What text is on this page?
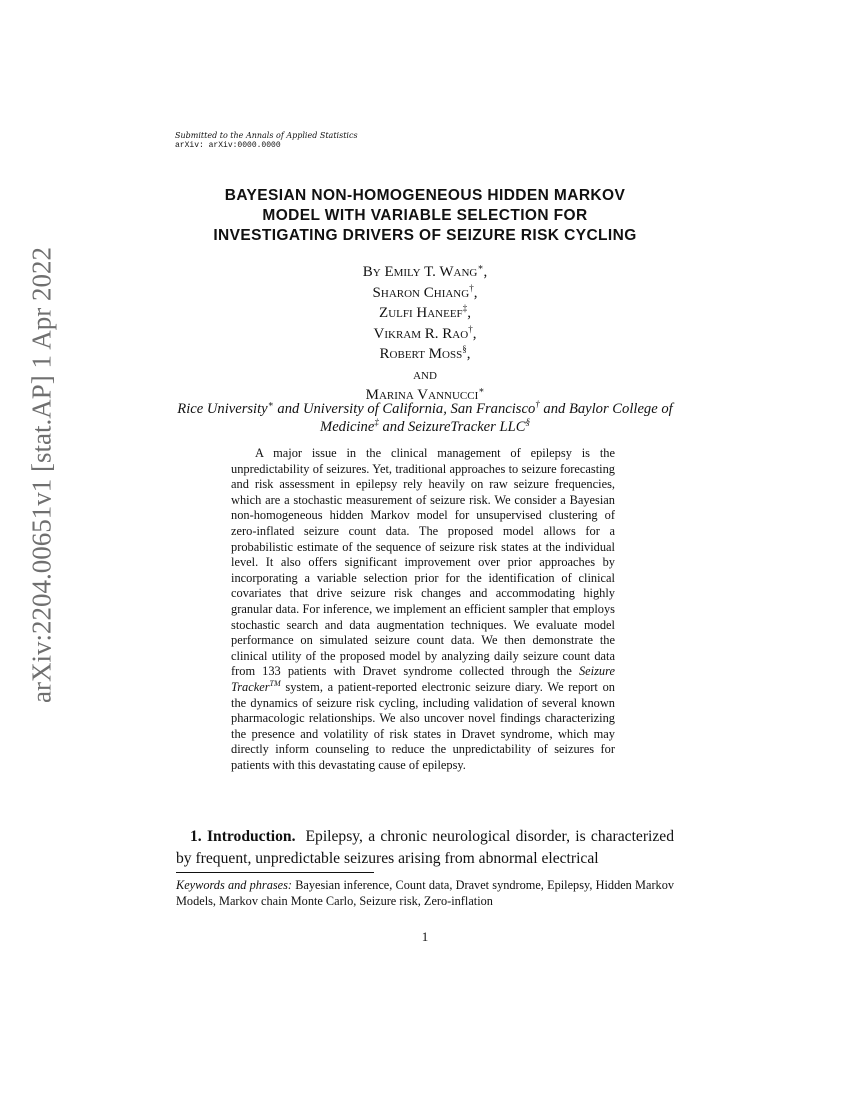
arXiv:2204.00651v1 [stat.AP] 1 Apr 2022
Submitted to the Annals of Applied Statistics
arXiv: arXiv:0000.0000
BAYESIAN NON-HOMOGENEOUS HIDDEN MARKOV
MODEL WITH VARIABLE SELECTION FOR
INVESTIGATING DRIVERS OF SEIZURE RISK CYCLING
By Emily T. Wang∗,
Sharon Chiang†,
Zulfi Haneef‡,
Vikram R. Rao†,
Robert Moss§,
and
Marina Vannucci∗
Rice University∗ and University of California, San Francisco† and Baylor College of Medicine‡ and SeizureTracker LLC§
A major issue in the clinical management of epilepsy is the unpredictability of seizures. Yet, traditional approaches to seizure forecasting and risk assessment in epilepsy rely heavily on raw seizure frequencies, which are a stochastic measurement of seizure risk. We consider a Bayesian non-homogeneous hidden Markov model for unsupervised clustering of zero-inflated seizure count data. The proposed model allows for a probabilistic estimate of the sequence of seizure risk states at the individual level. It also offers significant improvement over prior approaches by incorporating a variable selection prior for the identification of clinical covariates that drive seizure risk changes and accommodating highly granular data. For inference, we implement an efficient sampler that employs stochastic search and data augmentation techniques. We evaluate model performance on simulated seizure count data. We then demonstrate the clinical utility of the proposed model by analyzing daily seizure count data from 133 patients with Dravet syndrome collected through the Seizure Tracker™ system, a patient-reported electronic seizure diary. We report on the dynamics of seizure risk cycling, including validation of several known pharmacologic relationships. We also uncover novel findings characterizing the presence and volatility of risk states in Dravet syndrome, which may directly inform counseling to reduce the unpredictability of seizures for patients with this devastating cause of epilepsy.
1. Introduction. Epilepsy, a chronic neurological disorder, is characterized by frequent, unpredictable seizures arising from abnormal electrical
Keywords and phrases: Bayesian inference, Count data, Dravet syndrome, Epilepsy, Hidden Markov Models, Markov chain Monte Carlo, Seizure risk, Zero-inflation
1
